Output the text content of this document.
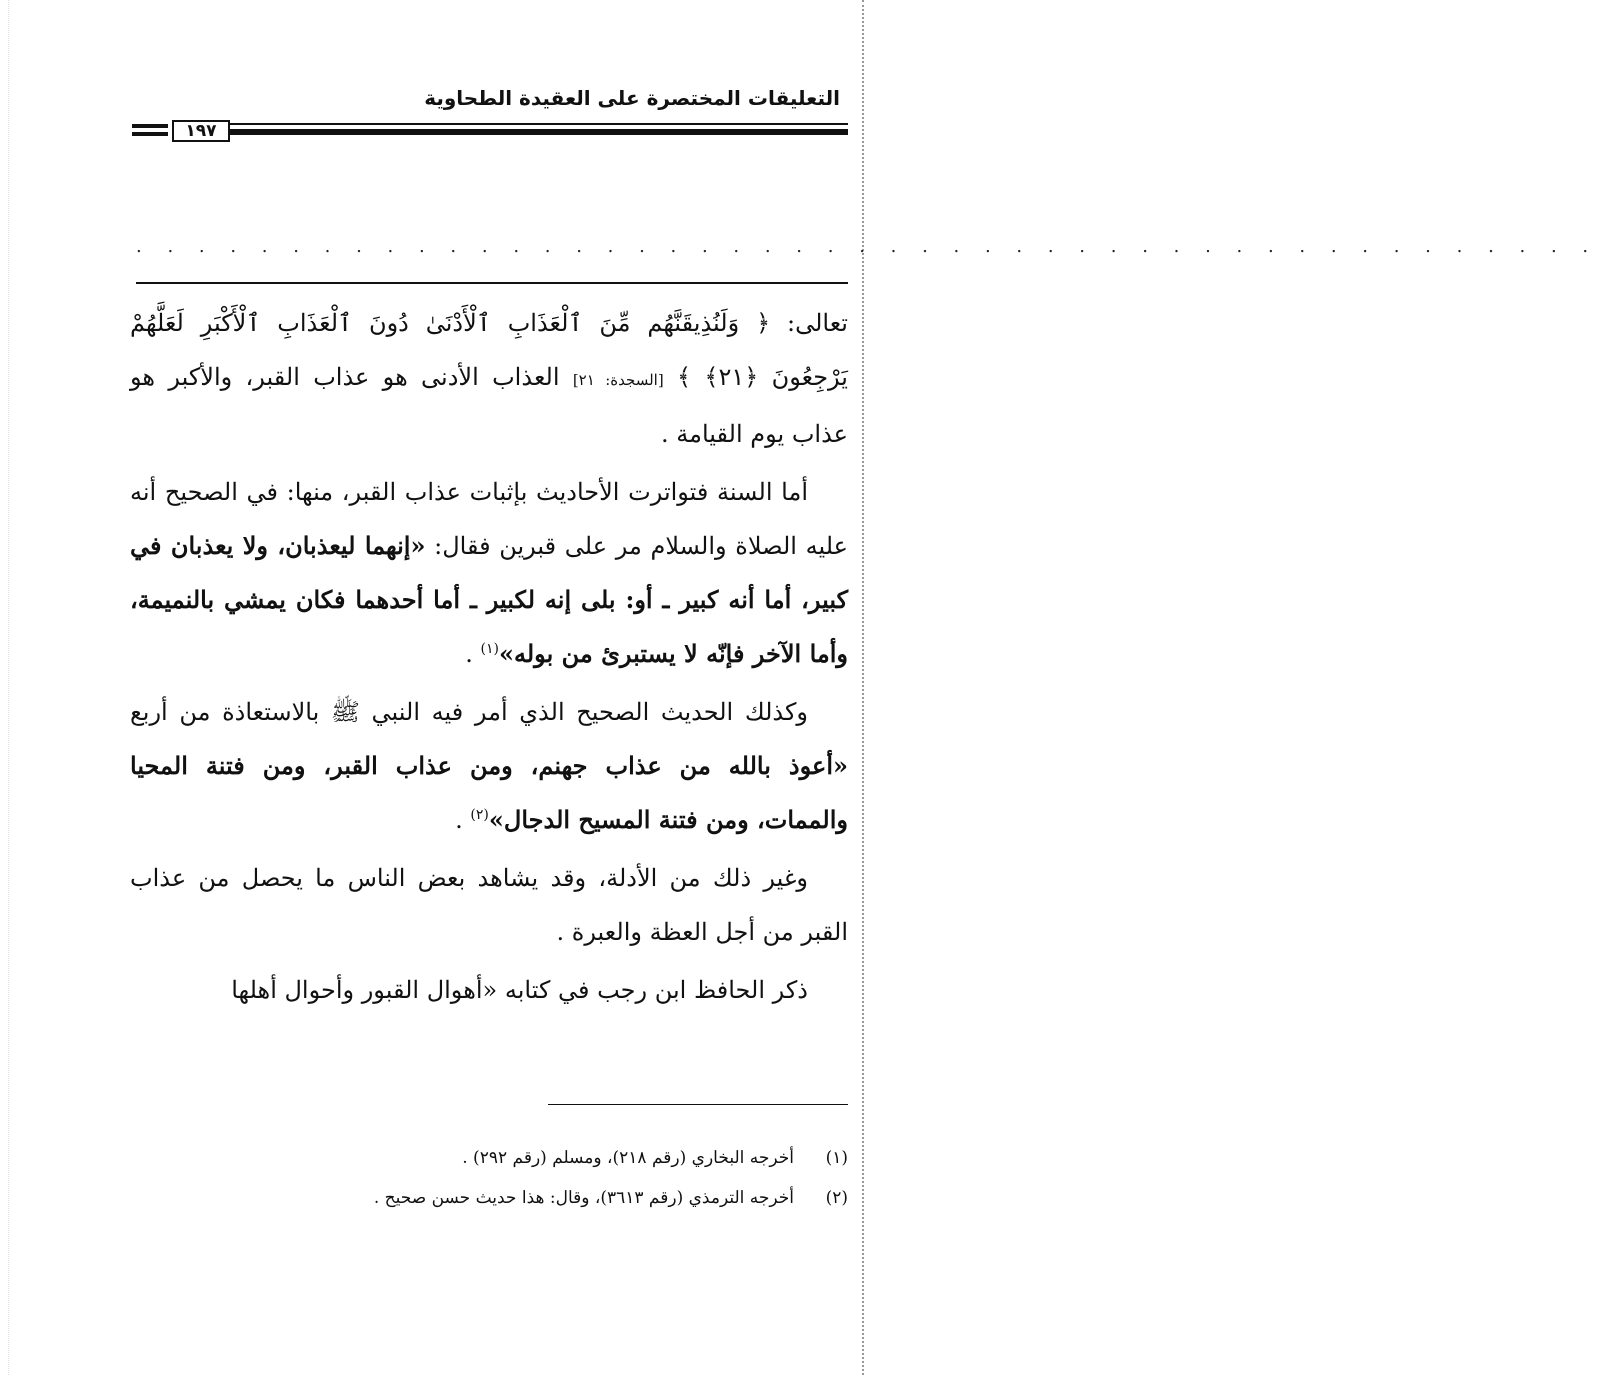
التعليقات المختصرة على العقيدة الطحاوية
١٩٧
. . . . . . . . . . . . . . . . . . . . . . . . . . . . . . . . . . . . . . . . . . . . . . .

تعالى: ﴿ وَلَنُذِيقَنَّهُم مِّنَ ٱلْعَذَابِ ٱلْأَدْنَىٰ دُونَ ٱلْعَذَابِ ٱلْأَكْبَرِ لَعَلَّهُمْ يَرْجِعُونَ ﴿٢١﴾ ﴾ [السجدة: ٢١] العذاب الأدنى هو عذاب القبر، والأكبر هو عذاب يوم القيامة .

أما السنة فتواترت الأحاديث بإثبات عذاب القبر، منها: في الصحيح أنه عليه الصلاة والسلام مر على قبرين فقال: «إنهما ليعذبان، ولا يعذبان في كبير، أما أنه كبير ـ أو: بلى إنه لكبير ـ أما أحدهما فكان يمشي بالنميمة، وأما الآخر فإنّه لا يستبرئ من بوله»$^{(١)}$ .

وكذلك الحديث الصحيح الذي أمر فيه النبي ﷺ بالاستعاذة من أربع «أعوذ بالله من عذاب جهنم، ومن عذاب القبر، ومن فتنة المحيا والممات، ومن فتنة المسيح الدجال»$^{(٢)}$ .

وغير ذلك من الأدلة، وقد يشاهد بعض الناس ما يحصل من عذاب القبر من أجل العظة والعبرة .

ذكر الحافظ ابن رجب في كتابه «أهوال القبور وأحوال أهلها

(١)
أخرجه البخاري (رقم ٢١٨)، ومسلم (رقم ٢٩٢) .
(٢)
أخرجه الترمذي (رقم ٣٦١٣)، وقال: هذا حديث حسن صحيح .
